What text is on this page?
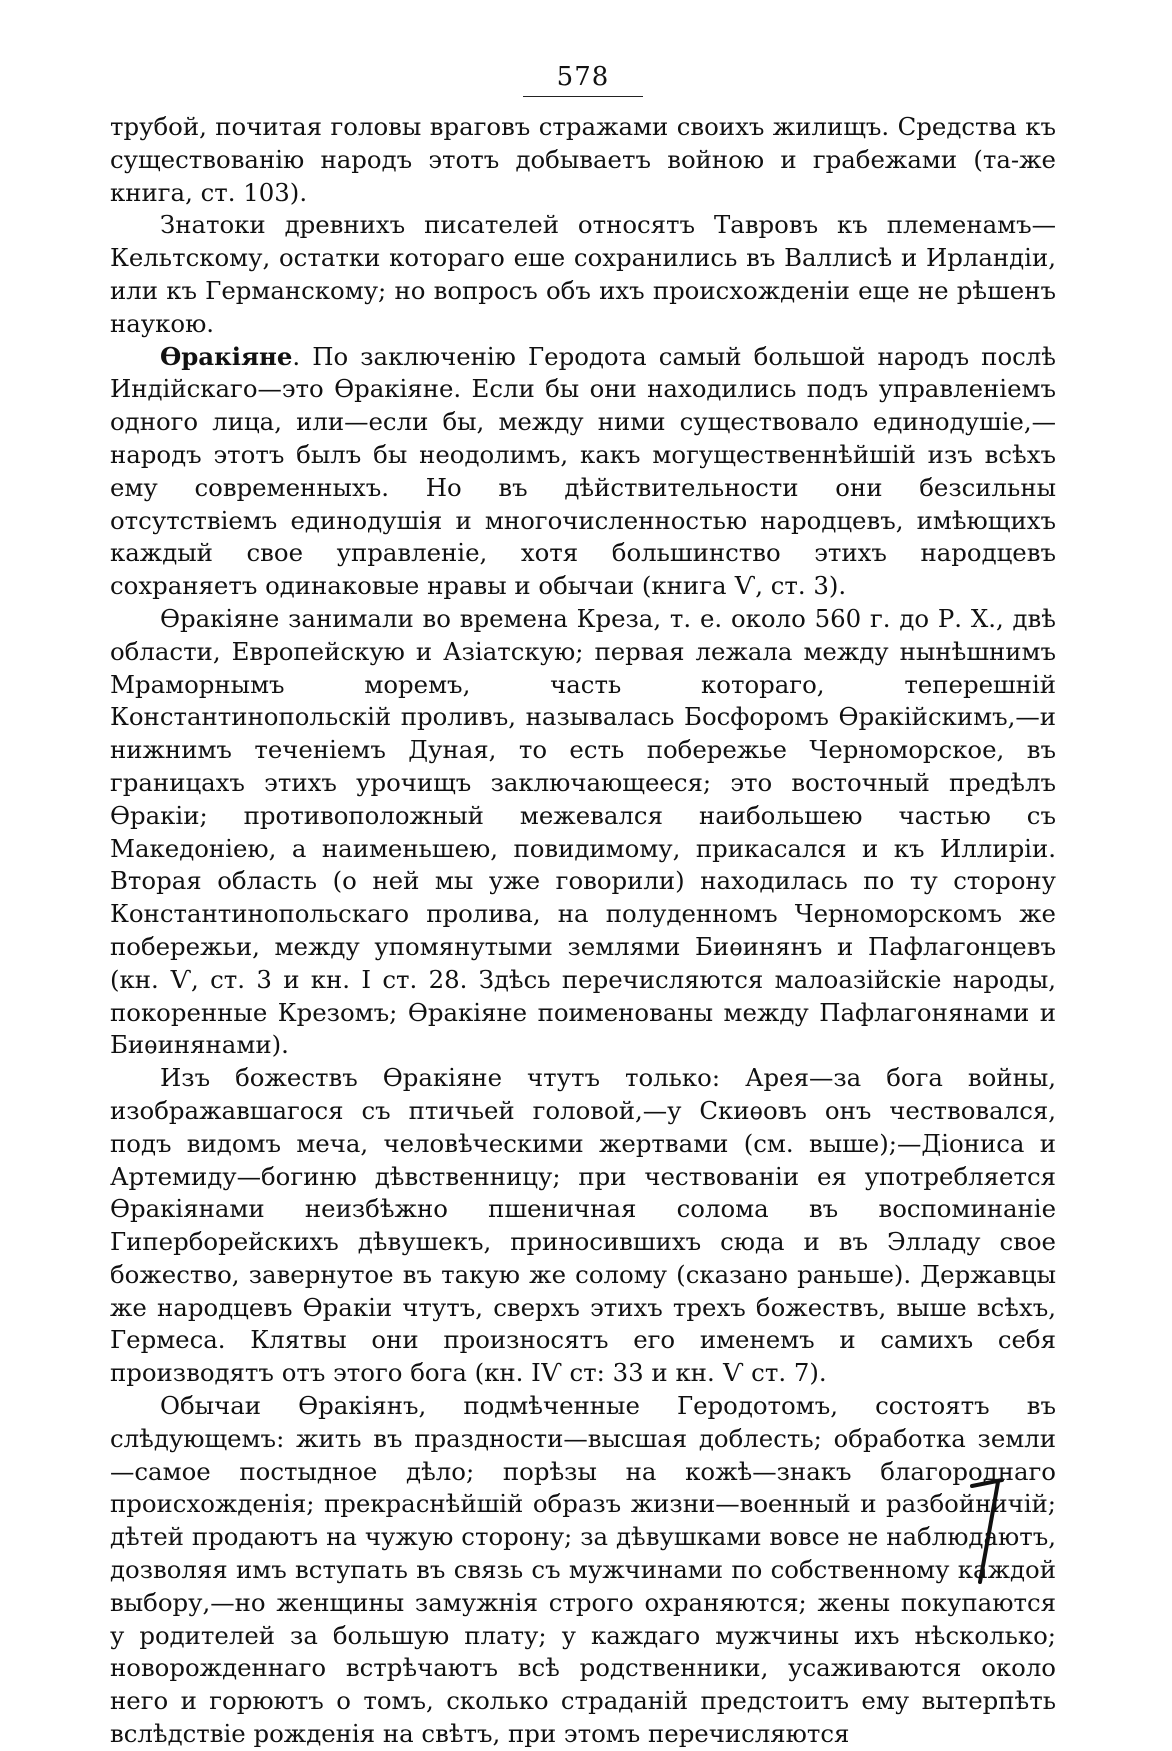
578

трубой, почитая головы враговъ стражами своихъ жилищъ. Средства къ существованію народъ этотъ добываетъ войною и грабежами (та-же книга, ст. 103).

Знатоки древнихъ писателей относятъ Тавровъ къ племенамъ—Кельтскому, остатки котораго еше сохранились въ Валлисѣ и Ирландіи, или къ Германскому; но вопросъ объ ихъ происхожденіи еще не рѣшенъ наукою.

Ѳракіяне. По заключенію Геродота самый большой народъ послѣ Индійскаго—это Ѳракіяне. Если бы они находились подъ управленіемъ одного лица, или—если бы, между ними существовало единодушіе,—народъ этотъ былъ бы неодолимъ, какъ могущественнѣйшій изъ всѣхъ ему современныхъ. Но въ дѣйствительности они безсильны отсутствіемъ единодушія и многочисленностью народцевъ, имѣющихъ каждый свое управленіе, хотя большинство этихъ народцевъ сохраняетъ одинаковые нравы и обычаи (книга Ѵ, ст. 3).

Ѳракіяне занимали во времена Креза, т. е. около 560 г. до Р. Х., двѣ области, Европейскую и Азіатскую; первая лежала между нынѣшнимъ Мраморнымъ моремъ, часть котораго, теперешній Константинопольскій проливъ, называлась Босфоромъ Ѳракійскимъ,—и нижнимъ теченіемъ Дуная, то есть побережье Черноморское, въ границахъ этихъ урочищъ заключающееся; это восточный предѣлъ Ѳракіи; противоположный межевался наибольшею частью съ Македоніею, а наименьшею, повидимому, прикасался и къ Иллиріи. Вторая область (о ней мы уже говорили) находилась по ту сторону Константинопольскаго пролива, на полуденномъ Черноморскомъ же побережьи, между упомянутыми землями Биѳинянъ и Пафлагонцевъ (кн. Ѵ, ст. 3 и кн. I ст. 28. Здѣсь перечисляются малоазійскіе народы, покоренные Крезомъ; Ѳракіяне поименованы между Пафлагонянами и Биѳинянами).

Изъ божествъ Ѳракіяне чтутъ только: Арея—за бога войны, изображавшагося съ птичьей головой,—у Скиѳовъ онъ чествовался, подъ видомъ меча, человѣческими жертвами (см. выше);—Діониса и Артемиду—богиню дѣвственницу; при чествованіи ея употребляется Ѳракіянами неизбѣжно пшеничная солома въ воспоминаніе Гиперборейскихъ дѣвушекъ, приносившихъ сюда и въ Элладу свое божество, завернутое въ такую же солому (сказано раньше). Державцы же народцевъ Ѳракіи чтутъ, сверхъ этихъ трехъ божествъ, выше всѣхъ, Гермеса. Клятвы они произносятъ его именемъ и самихъ себя производятъ отъ этого бога (кн. IѴ ст: 33 и кн. Ѵ ст. 7).

Обычаи Ѳракіянъ, подмѣченные Геродотомъ, состоятъ въ слѣдующемъ: жить въ праздности—высшая доблесть; обработка земли—самое постыдное дѣло; порѣзы на кожѣ—знакъ благороднаго происхожденія; прекраснѣйшій образъ жизни—военный и разбойничій; дѣтей продаютъ на чужую сторону; за дѣвушками вовсе не наблюдаютъ, дозволяя имъ вступать въ связь съ мужчинами по собственному каждой выбору,—но женщины замужнія строго охраняются; жены покупаются у родителей за большую плату; у каждаго мужчины ихъ нѣсколько; новорожденнаго встрѣчаютъ всѣ родственники, усаживаются около него и горюютъ о томъ, сколько страданій предстоитъ ему вытерпѣть вслѣдствіе рожденія на свѣтъ, при этомъ перечисляются
